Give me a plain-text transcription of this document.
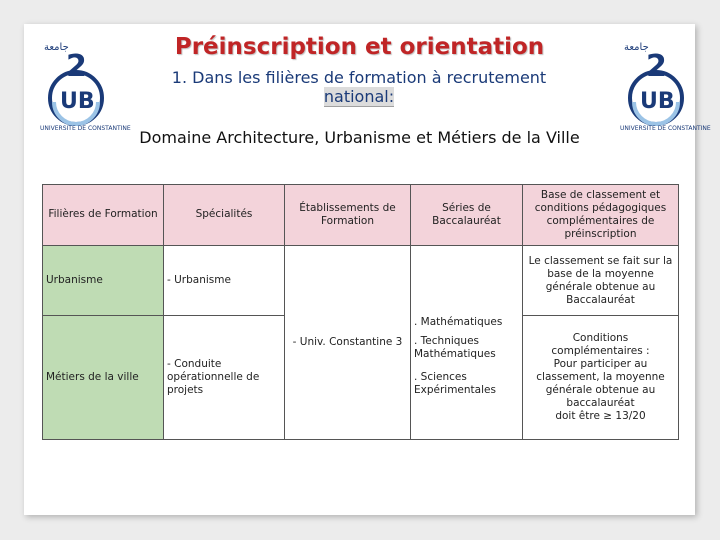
جامعة
2
UB
UNIVERSITE DE CONSTANTINE
جامعة
2
UB
UNIVERSITE DE CONSTANTINE
Préinscription et orientation
1. Dans les filières de formation à recrutement
national:
Domaine Architecture, Urbanisme et Métiers de la Ville
Filières de Formation	Spécialités	Établissements de Formation	Séries de Baccalauréat	Base de classement et conditions pédagogiques complémentaires de préinscription
Urbanisme	- Urbanisme	- Univ. Constantine 3	. Mathématiques
. Techniques Mathématiques
. Sciences Expérimentales	Le classement se fait sur la base de la moyenne générale obtenue au Baccalauréat
Métiers de la ville	- Conduite opérationnelle de projets			Conditions complémentaires :
Pour participer au classement, la moyenne générale obtenue au baccalauréat
doit être ≥ 13/20
